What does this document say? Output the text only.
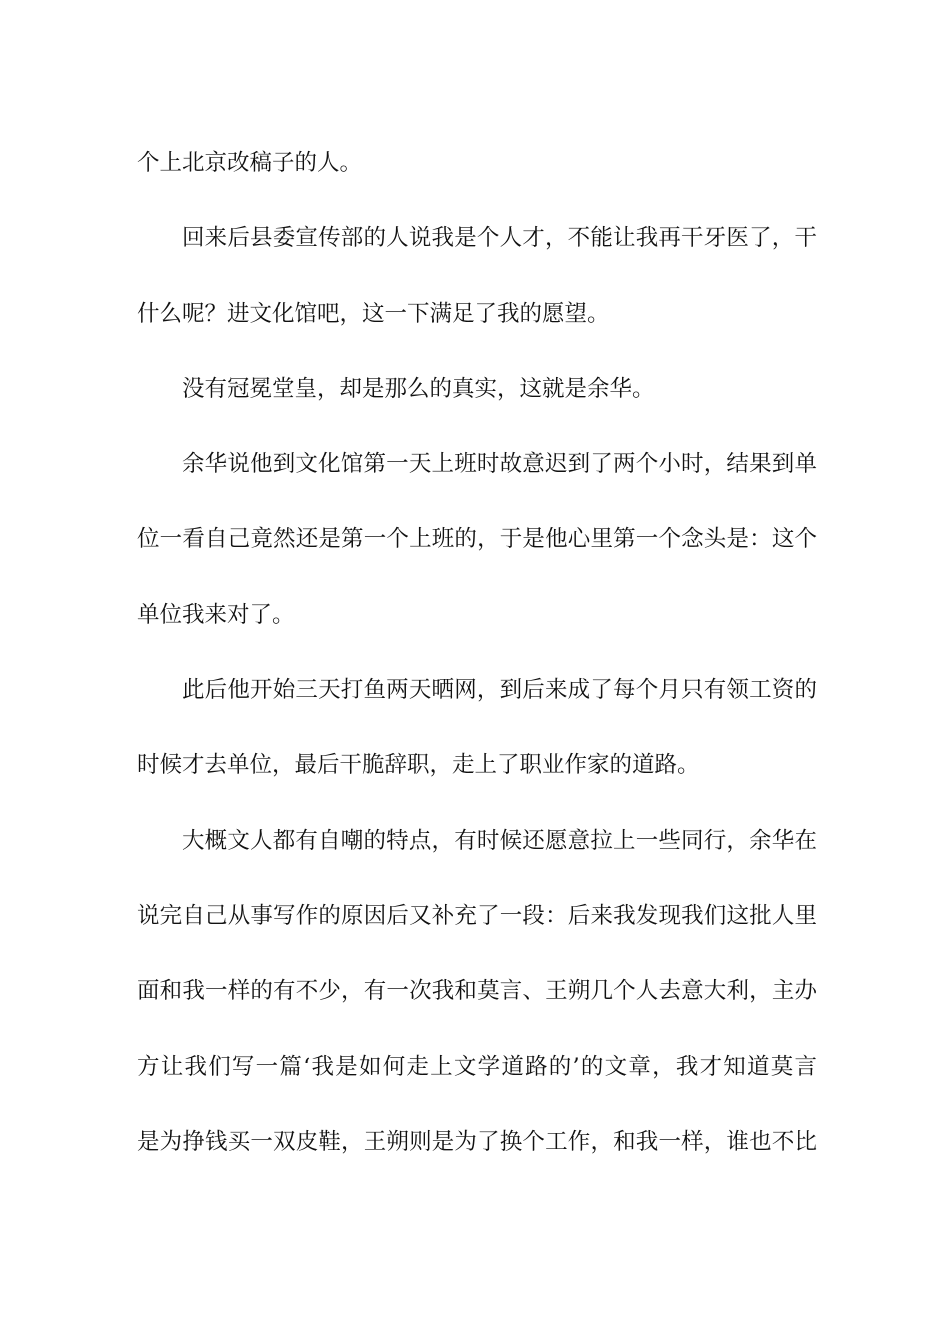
个上北京改稿子的人。
回来后县委宣传部的人说我是个人才，不能让我再干牙医了，干
什么呢？进文化馆吧，这一下满足了我的愿望。
没有冠冕堂皇，却是那么的真实，这就是余华。
余华说他到文化馆第一天上班时故意迟到了两个小时，结果到单
位一看自己竟然还是第一个上班的，于是他心里第一个念头是：这个
单位我来对了。
此后他开始三天打鱼两天晒网，到后来成了每个月只有领工资的
时候才去单位，最后干脆辞职，走上了职业作家的道路。
大概文人都有自嘲的特点，有时候还愿意拉上一些同行，余华在
说完自己从事写作的原因后又补充了一段：后来我发现我们这批人里
面和我一样的有不少，有一次我和莫言、王朔几个人去意大利，主办
方让我们写一篇‘我是如何走上文学道路的’的文章，我才知道莫言
是为挣钱买一双皮鞋，王朔则是为了换个工作，和我一样，谁也不比
